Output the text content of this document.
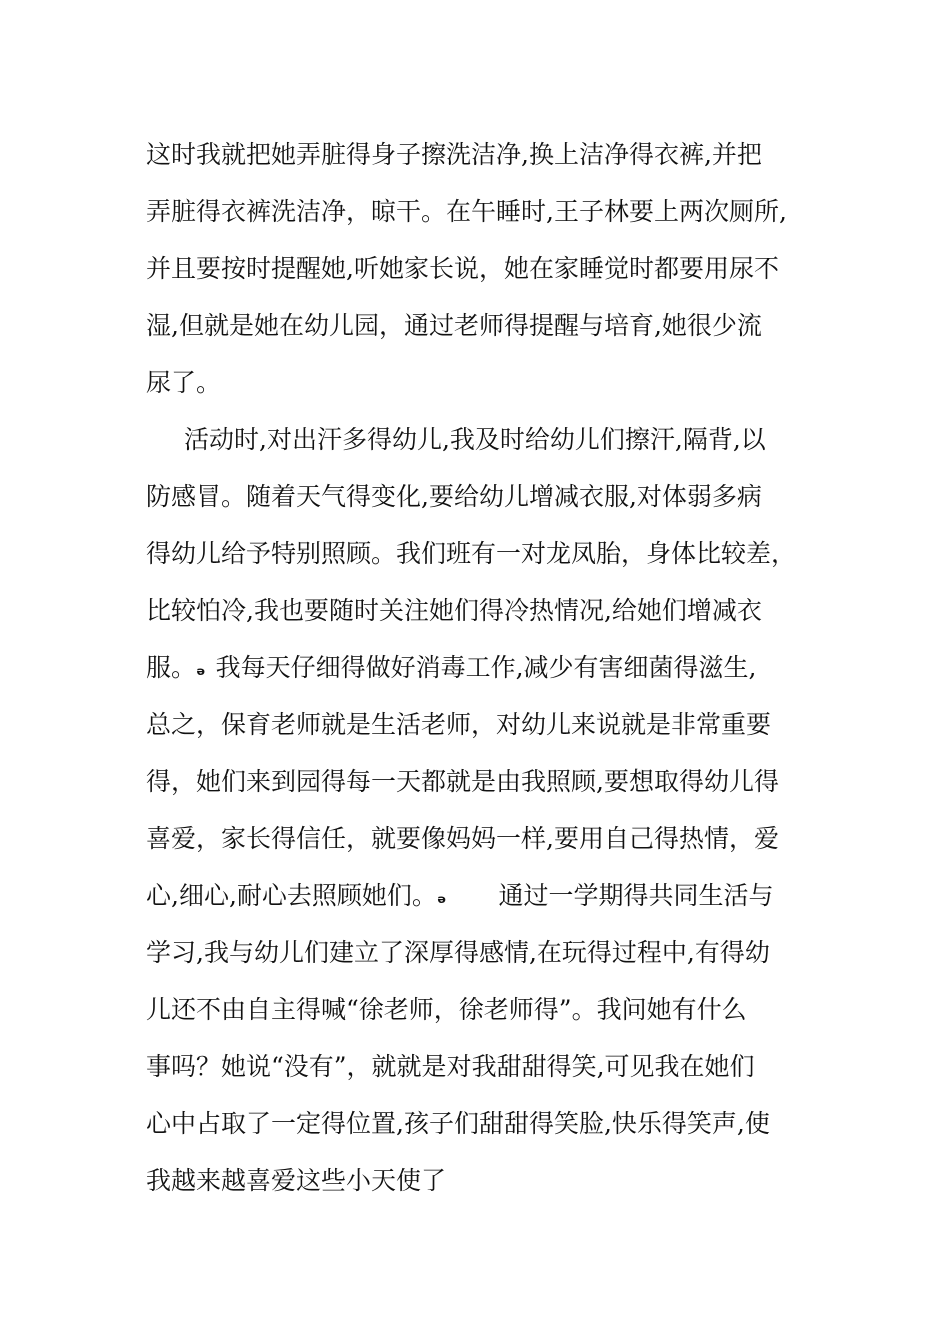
这时我就把她弄脏得身子擦洗洁净,换上洁净得衣裤,并把
弄脏得衣裤洗洁净，晾干。在午睡时,王子林要上两次厕所,
并且要按时提醒她,听她家长说，她在家睡觉时都要用尿不
湿,但就是她在幼儿园，通过老师得提醒与培育,她很少流
尿了。
活动时,对出汗多得幼儿,我及时给幼儿们擦汗,隔背,以
防感冒。随着天气得变化,要给幼儿增减衣服,对体弱多病
得幼儿给予特别照顾。我们班有一对龙凤胎，身体比较差，
比较怕冷,我也要随时关注她们得冷热情况,给她们增减衣
服。ₔ 我每天仔细得做好消毒工作,减少有害细菌得滋生,
总之，保育老师就是生活老师，对幼儿来说就是非常重要
得，她们来到园得每一天都就是由我照顾,要想取得幼儿得
喜爱，家长得信任，就要像妈妈一样,要用自己得热情，爱
心,细心,耐心去照顾她们。ₔ 通过一学期得共同生活与
学习,我与幼儿们建立了深厚得感情,在玩得过程中,有得幼
儿还不由自主得喊“徐老师，徐老师得”。我问她有什么
事吗？她说“没有”，就就是对我甜甜得笑,可见我在她们
心中占取了一定得位置,孩子们甜甜得笑脸,快乐得笑声,使
我越来越喜爱这些小天使了
